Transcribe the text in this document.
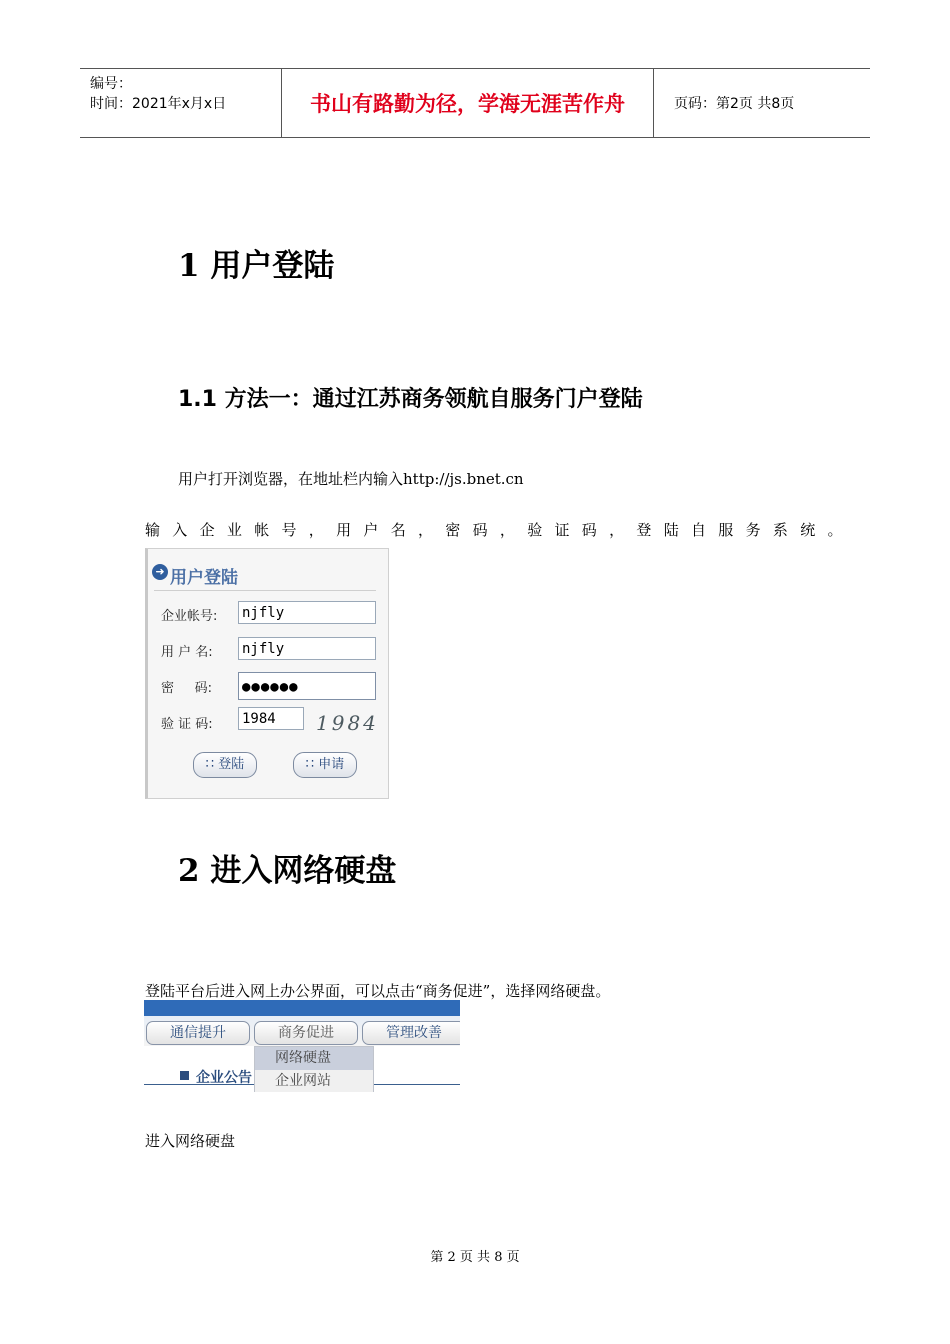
编号：
时间：2021年x月x日	书山有路勤为径，学海无涯苦作舟	页码：第2页 共8页
1 用户登陆
1.1 方法一：通过江苏商务领航自服务门户登陆
用户打开浏览器，在地址栏内输入http://js.bnet.cn
输入企业帐号，用户名，密码，验证码，登陆自服务系统。
➜ 用户登陆
企业帐号: njfly
用 户 名: njfly
密     码: ●●●●●●
验 证 码: 1984	1984
∷ 登陆	∷ 申请
2 进入网络硬盘
登陆平台后进入网上办公界面，可以点击“商务促进”，选择网络硬盘。
通信提升	商务促进	管理改善
企业公告
网络硬盘
企业网站
进入网络硬盘
第 2 页 共 8 页
